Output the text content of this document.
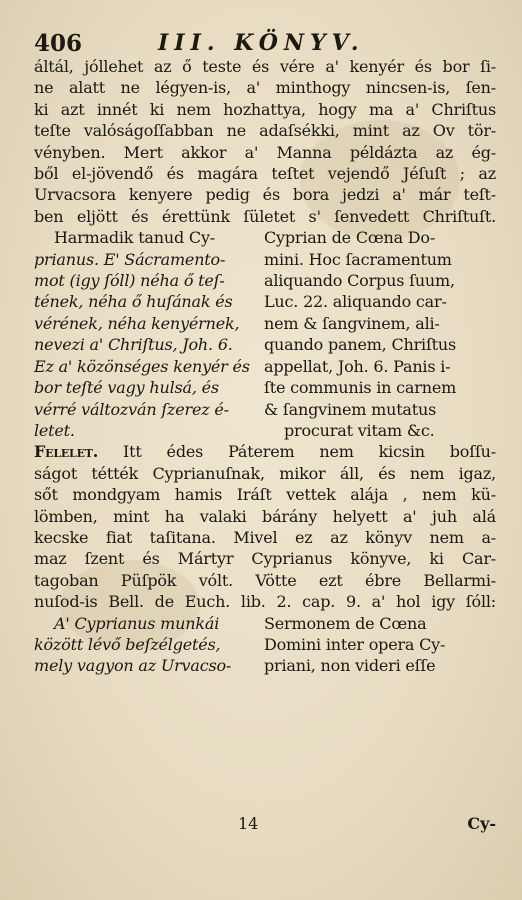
406	III. KÖNYV.
áltál, jóllehet az ő teste és vére a' kenyér és bor ſi-
ne alatt ne légyen-is, a' minthogy nincsen-is, ſen-
ki azt innét ki nem hozhattya, hogy ma a' Chriſtus
teſte valóságoſſabban ne adaſsékki, mint az Ov tör-
vényben. Mert akkor a' Manna példázta az ég-
ből el-jövendő és magára teſtet vejendő Jéſuſt ; az
Urvacsora kenyere pedig és bora jedzi a' már teſt-
ben eljött és érettünk ſületet s' ſenvedett Chriſtuſt.
Harmadik tanud Cy-
prianus. E' Sácramento-
mot (igy ſóll) néha ő teſ-
tének, néha ő huſának és
vérének, néha kenyérnek,
nevezi a' Chriſtus, Joh. 6.
Ez a' közönséges kenyér és
bor teſté vagy hulsá, és
vérré változván ſzerez é-
letet.
Cyprian de Cœna Do-
mini. Hoc ſacramentum
aliquando Corpus ſuum,
Luc. 22. aliquando car-
nem & ſangvinem, ali-
quando panem, Chriſtus
appellat, Joh. 6. Panis i-
ſte communis in carnem
& ſangvinem mutatus
procurat vitam &c.
Felelet. Itt édes Páterem nem kicsin boſſu-
ságot tétték Cyprianuſnak, mikor áll, és nem igaz,
sőt mondgyam hamis Iráſt vettek alája , nem kü-
lömben, mint ha valaki bárány helyett a' juh alá
kecske fiat taſitana. Mivel ez az könyv nem a-
maz ſzent és Mártyr Cyprianus könyve, ki Car-
tagoban Püſpök vólt. Vötte ezt ébre Bellarmi-
nuſod-is Bell. de Euch. lib. 2. cap. 9. a' hol igy ſóll:
A' Cyprianus munkái
között lévő beſzélgetés,
mely vagyon az Urvacso-
Sermonem de Cœna
Domini inter opera Cy-
priani, non videri eſſe
14	Cy-
